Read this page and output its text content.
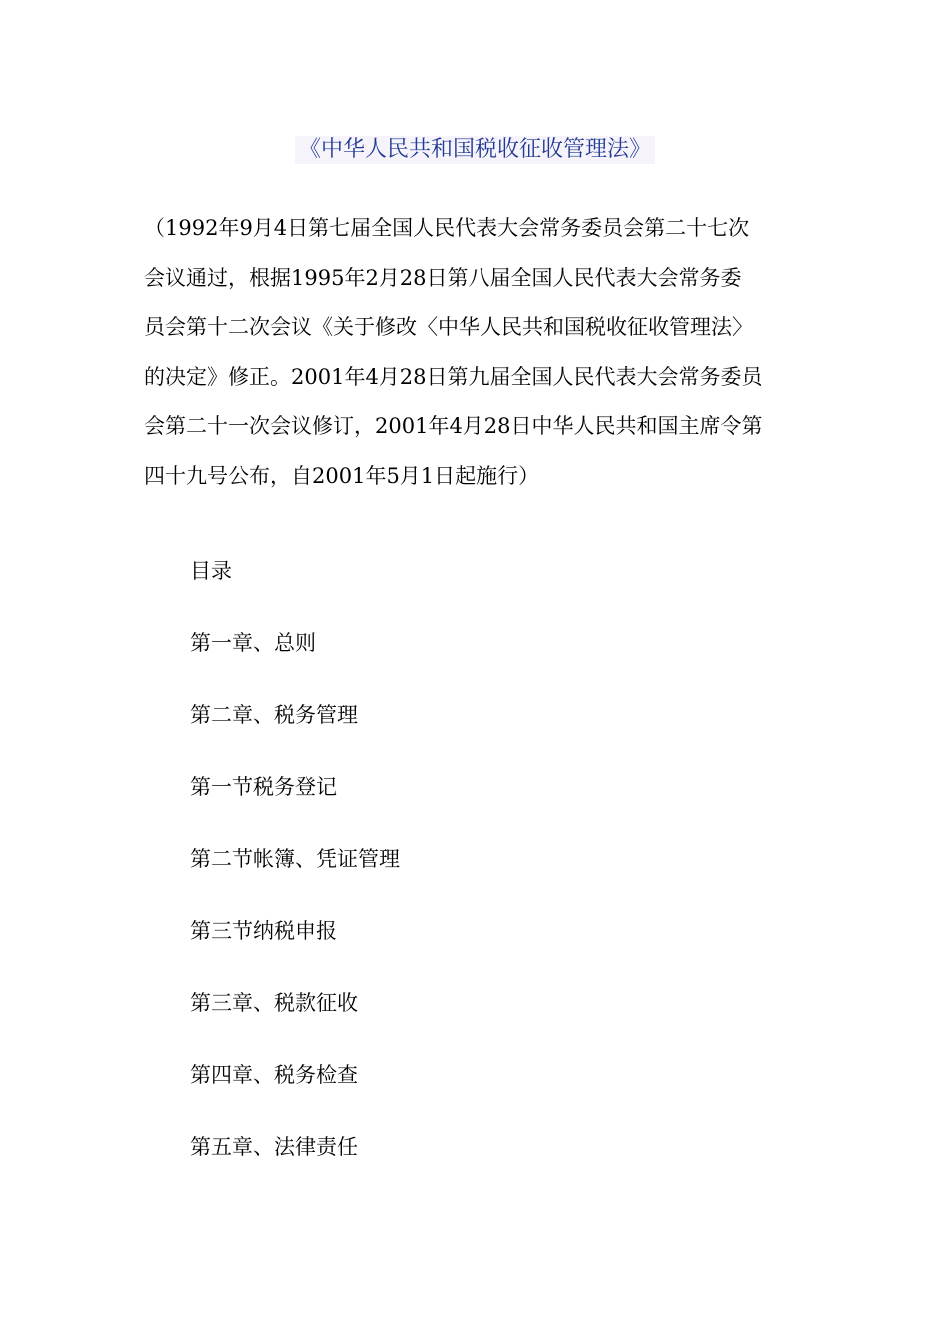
《中华人民共和国税收征收管理法》
（1992年9月4日第七届全国人民代表大会常务委员会第二十七次
会议通过，根据1995年2月28日第八届全国人民代表大会常务委
员会第十二次会议《关于修改〈中华人民共和国税收征收管理法〉
的决定》修正。2001年4月28日第九届全国人民代表大会常务委员
会第二十一次会议修订，2001年4月28日中华人民共和国主席令第
四十九号公布，自2001年5月1日起施行）
目录
第一章、总则
第二章、税务管理
第一节税务登记
第二节帐簿、凭证管理
第三节纳税申报
第三章、税款征收
第四章、税务检查
第五章、法律责任
